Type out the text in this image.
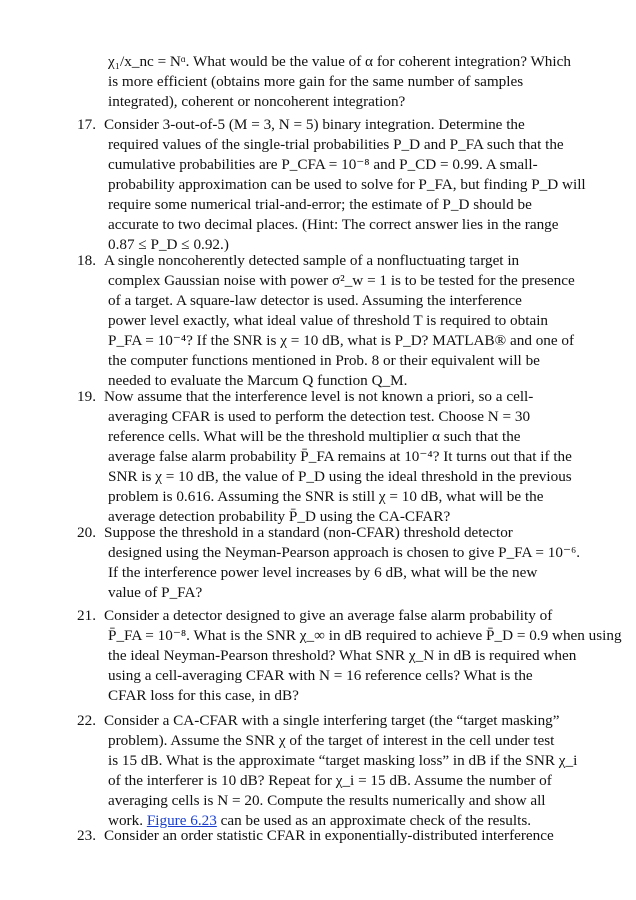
χ₁/x_nc = Nᵅ. What would be the value of α for coherent integration? Which
is more efficient (obtains more gain for the same number of samples
integrated), coherent or noncoherent integration?
17. Consider 3-out-of-5 (M = 3, N = 5) binary integration. Determine the
required values of the single-trial probabilities P_D and P_FA such that the
cumulative probabilities are P_CFA = 10⁻⁸ and P_CD = 0.99. A small-
probability approximation can be used to solve for P_FA, but finding P_D will
require some numerical trial-and-error; the estimate of P_D should be
accurate to two decimal places. (Hint: The correct answer lies in the range
0.87 ≤ P_D ≤ 0.92.)
18. A single noncoherently detected sample of a nonfluctuating target in
complex Gaussian noise with power σ²_w = 1 is to be tested for the presence
of a target. A square-law detector is used. Assuming the interference
power level exactly, what ideal value of threshold T is required to obtain
P_FA = 10⁻⁴? If the SNR is χ = 10 dB, what is P_D? MATLAB® and one of
the computer functions mentioned in Prob. 8 or their equivalent will be
needed to evaluate the Marcum Q function Q_M.
19. Now assume that the interference level is not known a priori, so a cell-
averaging CFAR is used to perform the detection test. Choose N = 30
reference cells. What will be the threshold multiplier α such that the
average false alarm probability P̄_FA remains at 10⁻⁴? It turns out that if the
SNR is χ = 10 dB, the value of P_D using the ideal threshold in the previous
problem is 0.616. Assuming the SNR is still χ = 10 dB, what will be the
average detection probability P̄_D using the CA-CFAR?
20. Suppose the threshold in a standard (non-CFAR) threshold detector
designed using the Neyman-Pearson approach is chosen to give P_FA = 10⁻⁶.
If the interference power level increases by 6 dB, what will be the new
value of P_FA?
21. Consider a detector designed to give an average false alarm probability of
P̄_FA = 10⁻⁸. What is the SNR χ_∞ in dB required to achieve P̄_D = 0.9 when using
the ideal Neyman-Pearson threshold? What SNR χ_N in dB is required when
using a cell-averaging CFAR with N = 16 reference cells? What is the
CFAR loss for this case, in dB?
22. Consider a CA-CFAR with a single interfering target (the “target masking”
problem). Assume the SNR χ of the target of interest in the cell under test
is 15 dB. What is the approximate “target masking loss” in dB if the SNR χ_i
of the interferer is 10 dB? Repeat for χ_i = 15 dB. Assume the number of
averaging cells is N = 20. Compute the results numerically and show all
work. Figure 6.23 can be used as an approximate check of the results.
23. Consider an order statistic CFAR in exponentially-distributed interference
